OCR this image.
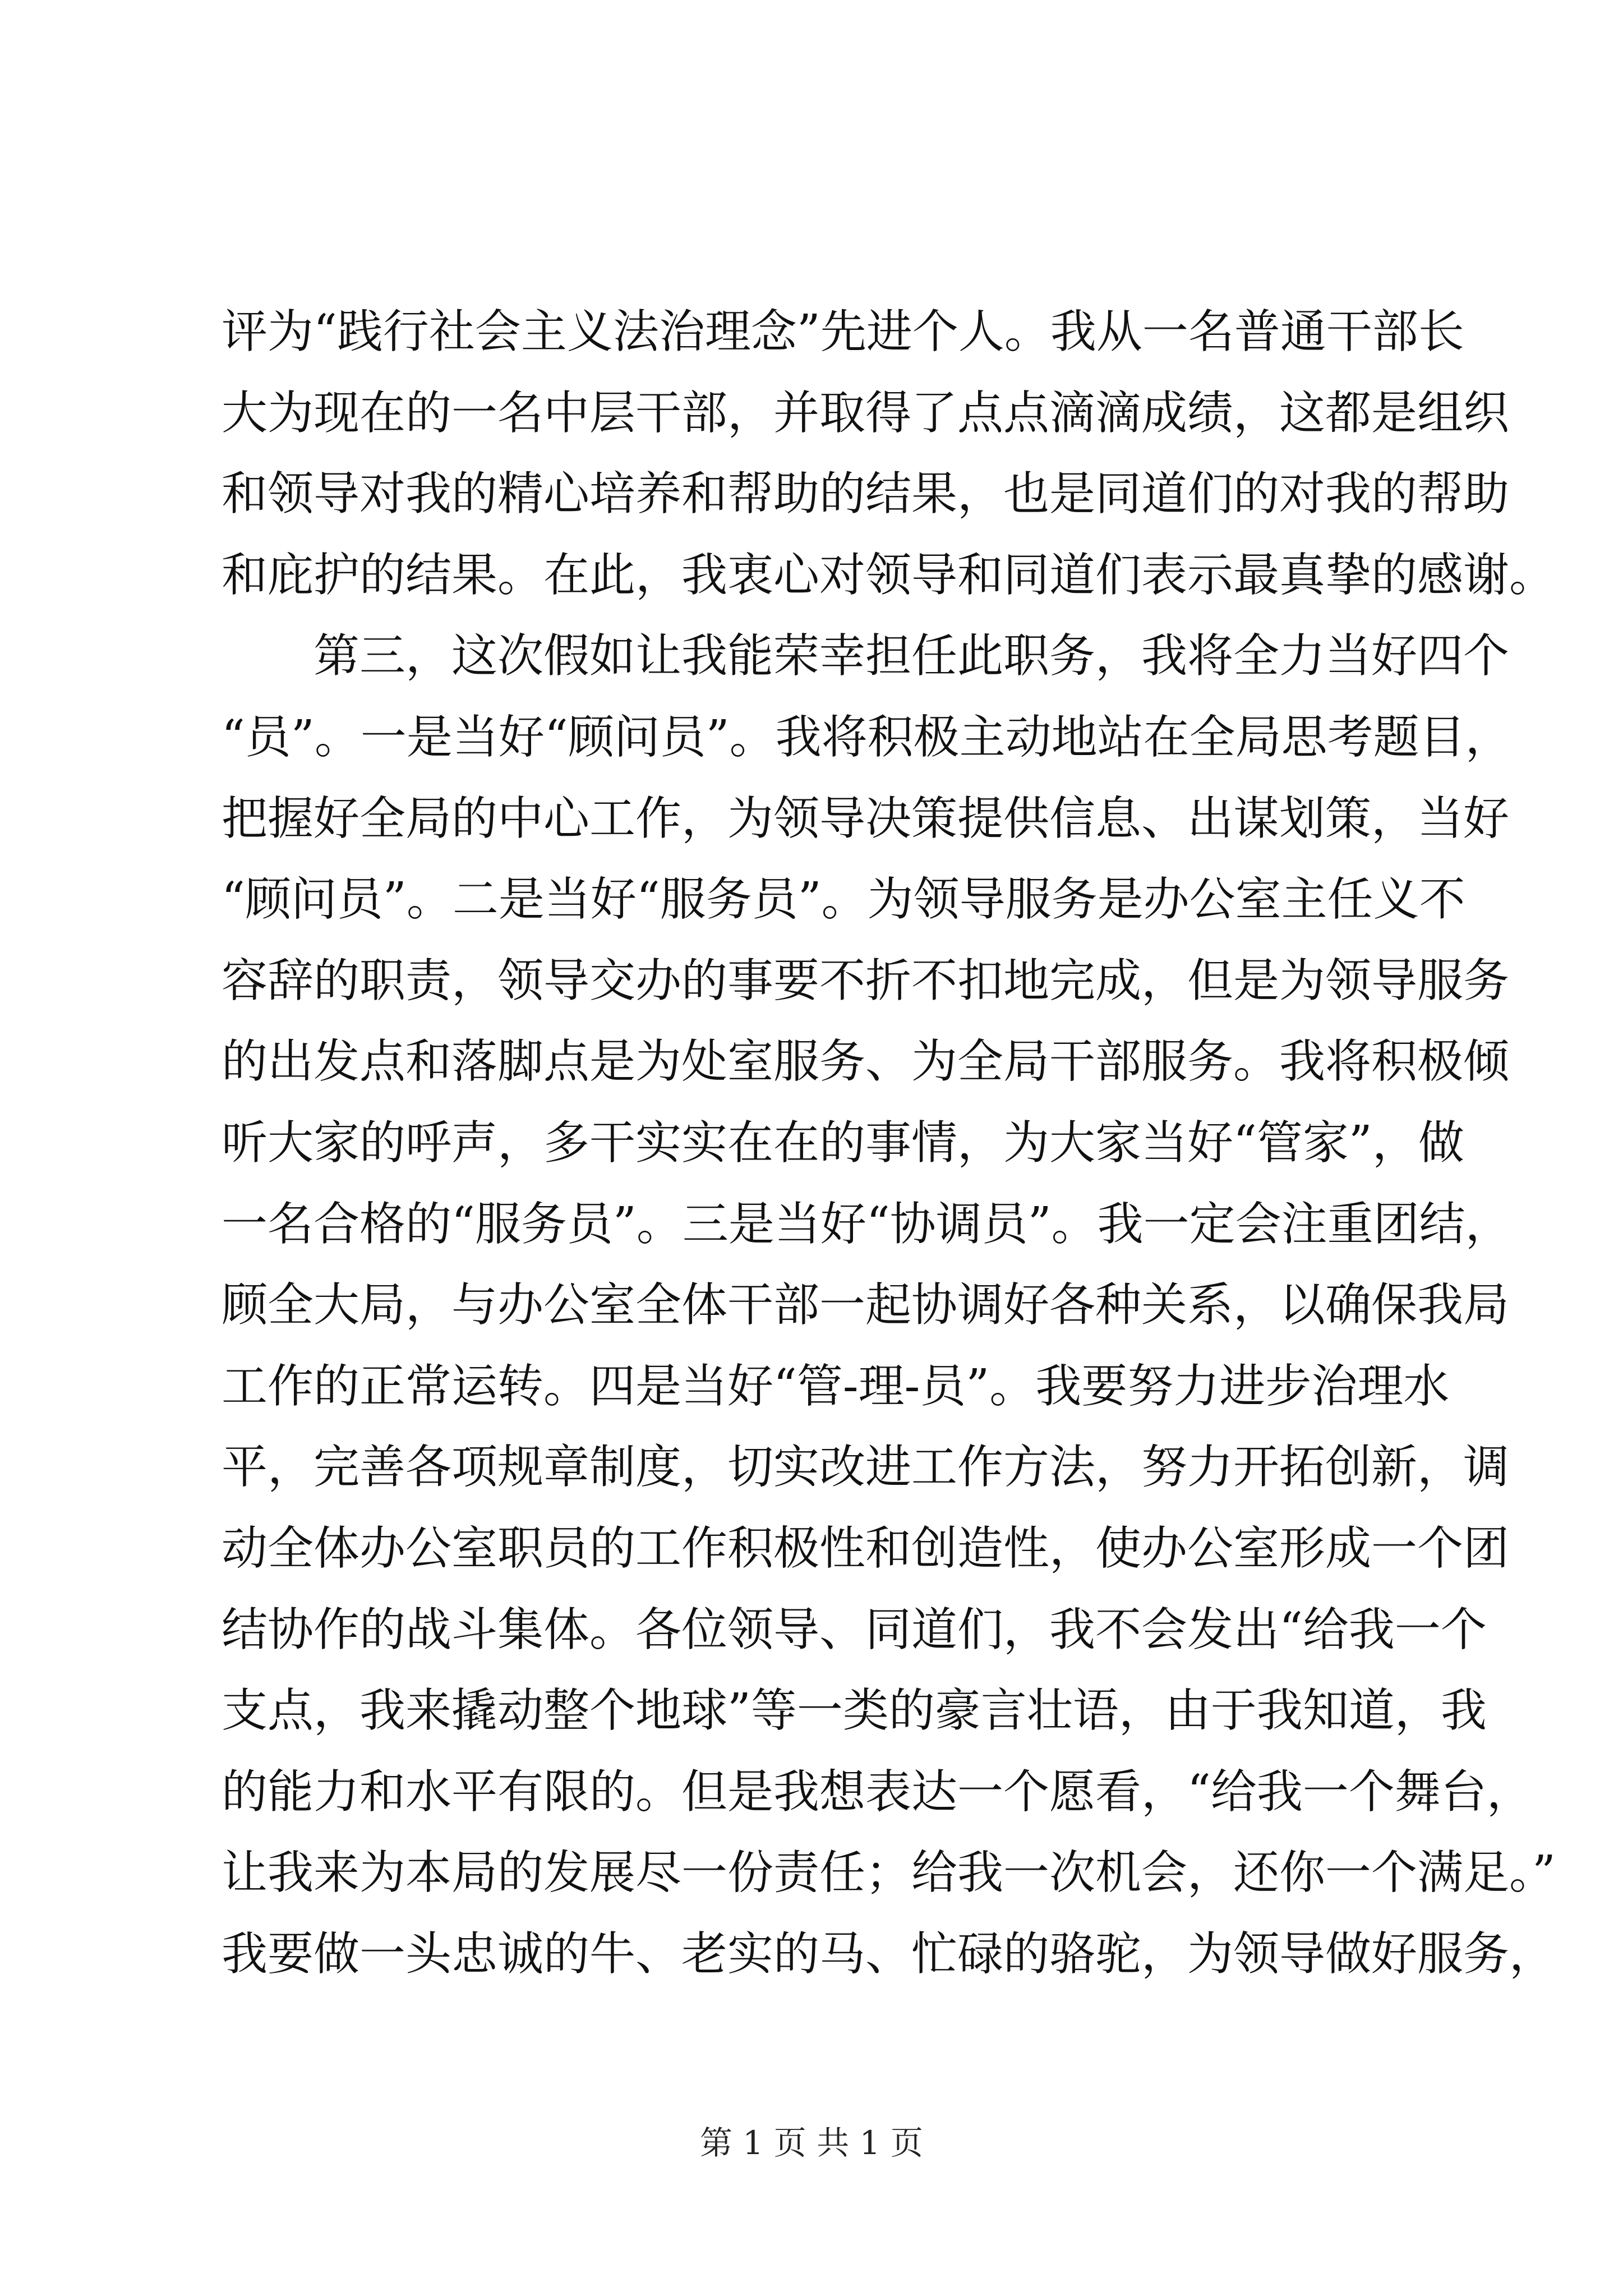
评为“践行社会主义法治理念”先进个人。我从一名普通干部长
大为现在的一名中层干部，并取得了点点滴滴成绩，这都是组织
和领导对我的精心培养和帮助的结果，也是同道们的对我的帮助
和庇护的结果。在此，我衷心对领导和同道们表示最真挚的感谢。
第三，这次假如让我能荣幸担任此职务，我将全力当好四个
“员”。一是当好“顾问员”。我将积极主动地站在全局思考题目，
把握好全局的中心工作，为领导决策提供信息、出谋划策，当好
“顾问员”。二是当好“服务员”。为领导服务是办公室主任义不
容辞的职责，领导交办的事要不折不扣地完成，但是为领导服务
的出发点和落脚点是为处室服务、为全局干部服务。我将积极倾
听大家的呼声，多干实实在在的事情，为大家当好“管家”，做
一名合格的“服务员”。三是当好“协调员”。我一定会注重团结，
顾全大局，与办公室全体干部一起协调好各种关系，以确保我局
工作的正常运转。四是当好“管-理-员”。我要努力进步治理水
平，完善各项规章制度，切实改进工作方法，努力开拓创新，调
动全体办公室职员的工作积极性和创造性，使办公室形成一个团
结协作的战斗集体。各位领导、同道们，我不会发出“给我一个
支点，我来撬动整个地球”等一类的豪言壮语，由于我知道，我
的能力和水平有限的。但是我想表达一个愿看，“给我一个舞台，
让我来为本局的发展尽一份责任；给我一次机会，还你一个满足。”
我要做一头忠诚的牛、老实的马、忙碌的骆驼，为领导做好服务，
第 1 页 共 1 页
